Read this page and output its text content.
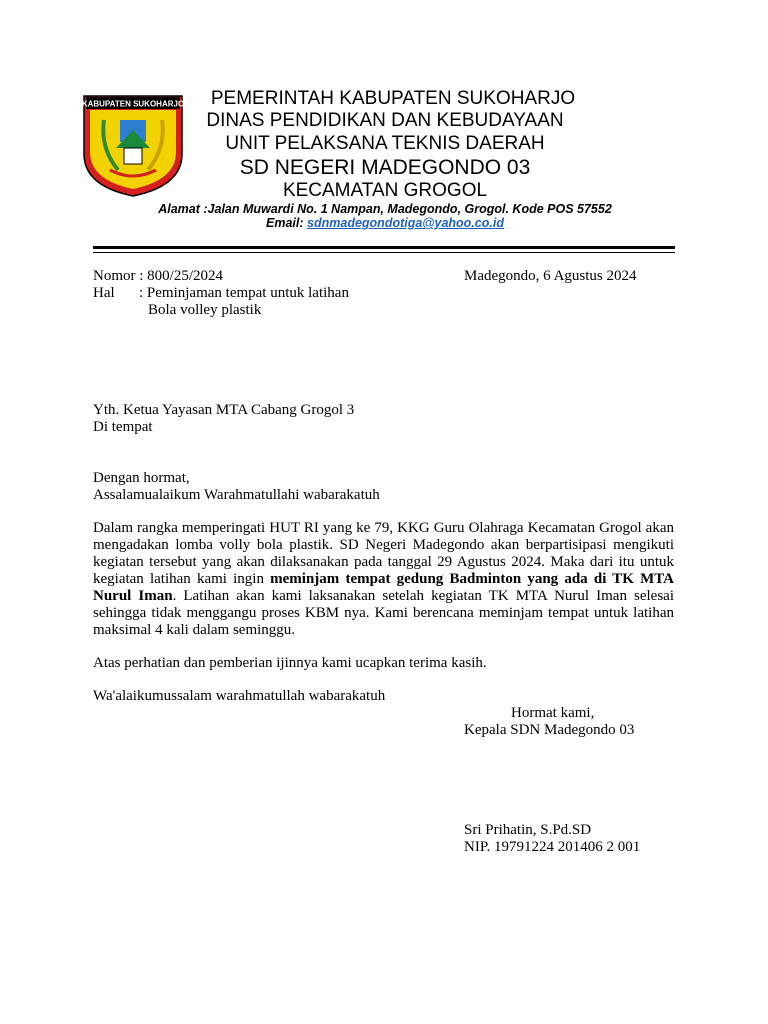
KABUPATEN SUKOHARJO	PEMERINTAH KABUPATEN SUKOHARJO
DINAS PENDIDIKAN DAN KEBUDAYAAN
UNIT PELAKSANA TEKNIS DAERAH
SD NEGERI MADEGONDO 03
KECAMATAN GROGOL
Alamat :Jalan Muwardi No. 1 Nampan, Madegondo, Grogol. Kode POS 57552
Email: sdnmadegondotiga@yahoo.co.id
Nomor : 800/25/2024	Madegondo, 6 Agustus 2024
Hal : Peminjaman tempat untuk latihan
Bola volley plastik
Yth. Ketua Yayasan MTA Cabang Grogol 3
Di tempat
Dengan hormat,
Assalamualaikum Warahmatullahi wabarakatuh
Dalam rangka memperingati HUT RI yang ke 79, KKG Guru Olahraga Kecamatan Grogol akan mengadakan lomba volly bola plastik. SD Negeri Madegondo akan berpartisipasi mengikuti kegiatan tersebut yang akan dilaksanakan pada tanggal 29 Agustus 2024. Maka dari itu untuk kegiatan latihan kami ingin meminjam tempat gedung Badminton yang ada di TK MTA Nurul Iman. Latihan akan kami laksanakan setelah kegiatan TK MTA Nurul Iman selesai sehingga tidak menggangu proses KBM nya. Kami berencana meminjam tempat untuk latihan maksimal 4 kali dalam seminggu.
Atas perhatian dan pemberian ijinnya kami ucapkan terima kasih.
Wa'alaikumussalam warahmatullah wabarakatuh
Hormat kami,
Kepala SDN Madegondo 03
Sri Prihatin, S.Pd.SD
NIP. 19791224 201406 2 001
